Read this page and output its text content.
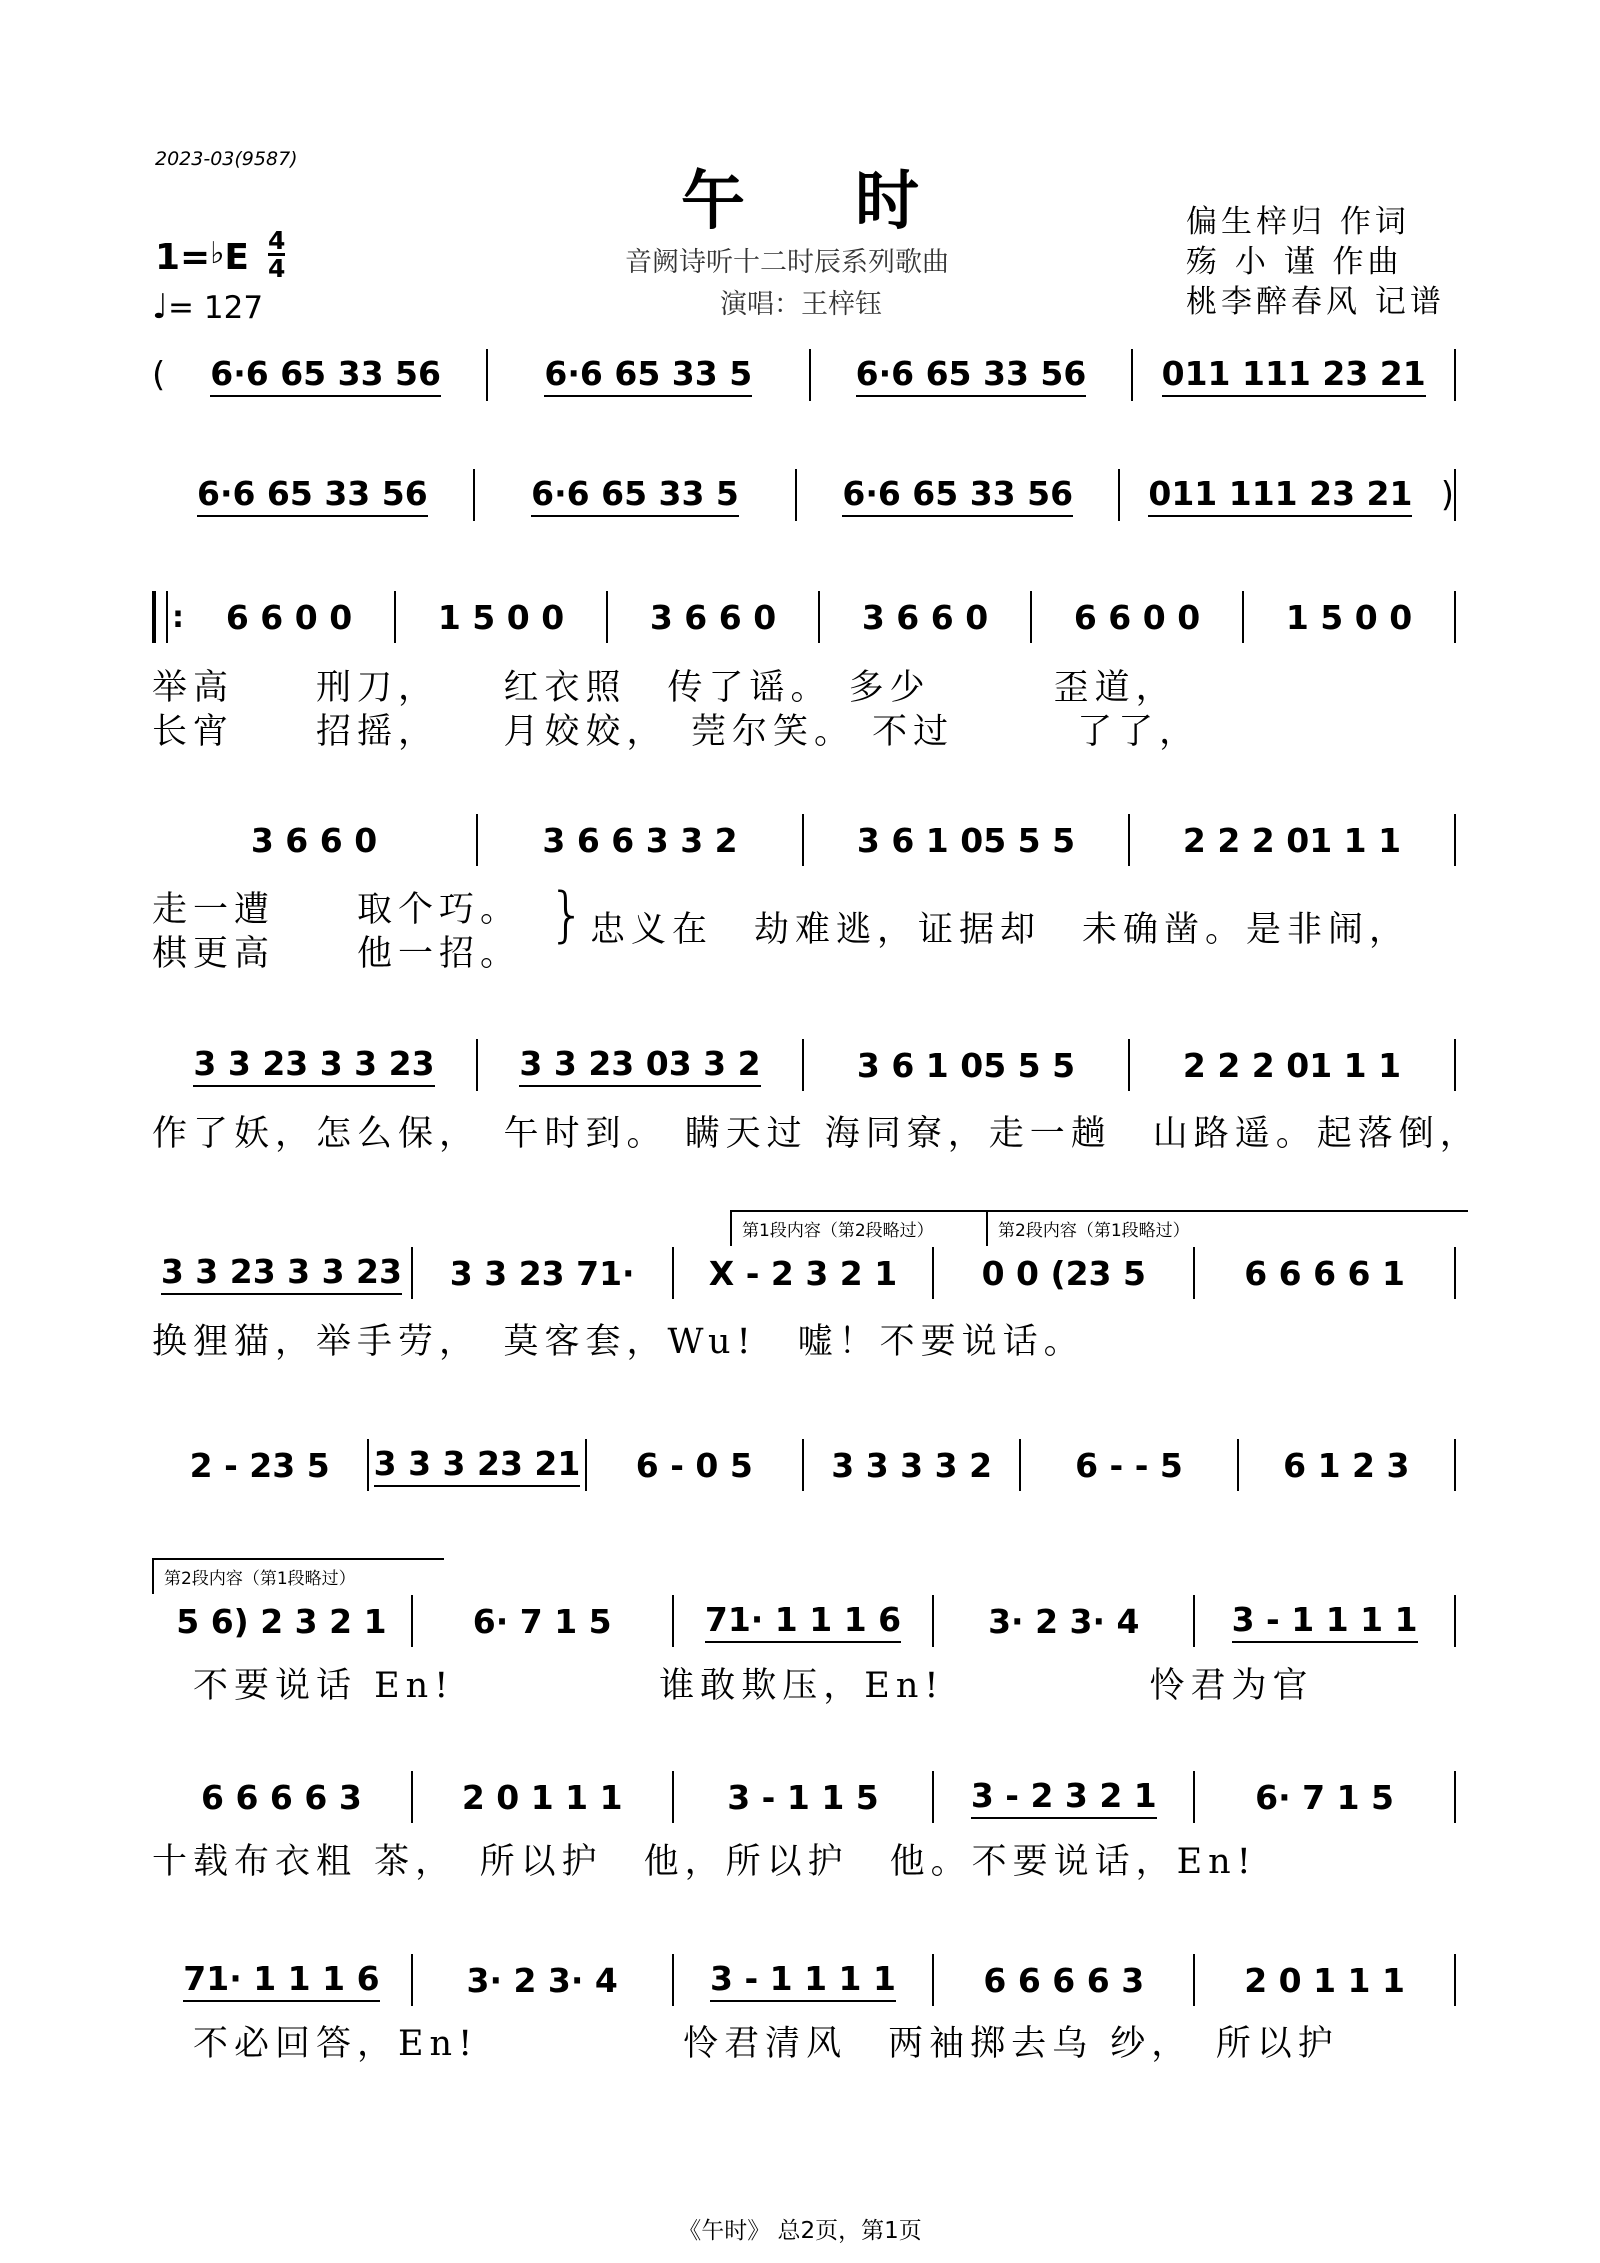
2023-03(9587)
午时
音阙诗听十二时辰系列歌曲
演唱：王梓钰
偏生梓归 作词
殇 小 谨 作曲
桃李醉春风 记谱
1=♭E 4
4
♩= 127
( 6·6 65 33 56	6·6 65 33 5	6·6 65 33 56 011 111 23 21
6·6 65 33 56	6·6 65 33 5	6·6 65 33 56 011 111 23 21 )
: 6 6 0 0	1 5 0 0	3 6 6 0	3 6 6 0	6 6 0 0	1 5 0 0
举高　　刑刀，　　红衣照　传了谣。 多少　　　歪道，
长宵　　招摇，　　月姣姣，　莞尔笑。 不过　　　了了，
3 6 6 0	3 6 6 3 3 2	3 6 1 05 5 5	2 2 2 01 1 1
走一遭　　取个巧。
棋更高　　他一招。
} 忠义在　劫难逃，证据却　未确凿。是非闹，
3 3 23 3 3 23	3 3 23 03 3 2	3 6 1 05 5 5	2 2 2 01 1 1
作了妖，怎么保，　午时到。 瞒天过 海同寮，走一趟　山路遥。起落倒，
第1段内容（第2段略过）	第2段内容（第1段略过）
3 3 23 3 3 23 3 3 23 71· X - 2 3 2 1	0 0 (23 5	6 6 6 6 1
换狸猫，举手劳，　莫客套，Wu!　嘘！不要说话。
2 - 23 5 3 3 3 23 21 6 - 0 5 3 3 3 3 2	6 - - 5	6 1 2 3
第2段内容（第1段略过）
5 6) 2 3 2 1	6· 7 1 5	71· 1 1 1 6	3· 2 3· 4	3 - 1 1 1 1
　不要说话 En!　　　　　谁敢欺压，En!　　　　　怜君为官
6 6 6 6 3	2 0 1 1 1	3 - 1 1 5	3 - 2 3 2 1	6· 7 1 5
十载布衣粗 茶，　所以护　他，所以护　他。不要说话，En!
71· 1 1 1 6	3· 2 3· 4	3 - 1 1 1 1	6 6 6 6 3	2 0 1 1 1
　不必回答，En!　　　　　怜君清风　两袖掷去乌 纱，　所以护
《午时》 总2页，第1页
